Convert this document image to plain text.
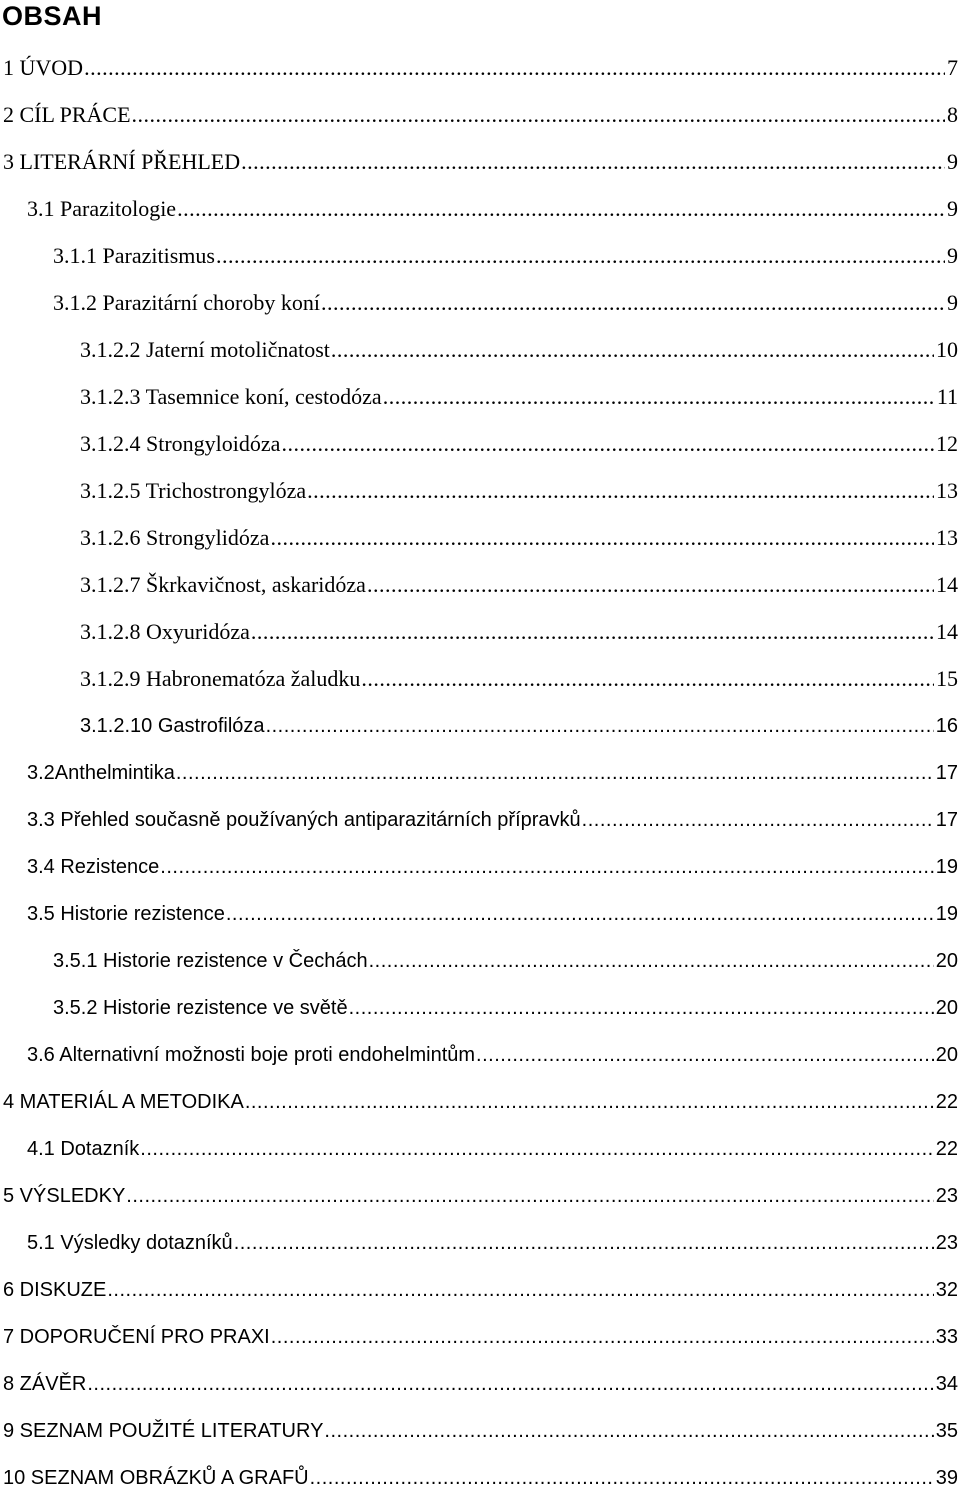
OBSAH
1 ÚVOD .....	7
2 CÍL PRÁCE .....	8
3 LITERÁRNÍ PŘEHLED .....	9
3.1 Parazitologie .....	9
3.1.1 Parazitismus .....	9
3.1.2 Parazitární choroby koní .....	9
3.1.2.2 Jaterní motoličnatost .....	10
3.1.2.3 Tasemnice koní, cestodóza .....	11
3.1.2.4 Strongyloidóza .....	12
3.1.2.5 Trichostrongylóza .....	13
3.1.2.6 Strongylidóza .....	13
3.1.2.7 Škrkavičnost, askaridóza .....	14
3.1.2.8 Oxyuridóza .....	14
3.1.2.9 Habronematóza žaludku .....	15
3.1.2.10 Gastrofilóza .....	16
3.2Anthelmintika .....	17
3.3 Přehled současně používaných antiparazitárních přípravků .....	17
3.4 Rezistence .....	19
3.5 Historie rezistence .....	19
3.5.1 Historie rezistence v Čechách .....	20
3.5.2 Historie rezistence ve světě .....	20
3.6 Alternativní možnosti boje proti endohelmintům .....	20
4 MATERIÁL A METODIKA .....	22
4.1 Dotazník .....	22
5 VÝSLEDKY .....	23
5.1 Výsledky dotazníků .....	23
6 DISKUZE .....	32
7 DOPORUČENÍ PRO PRAXI .....	33
8 ZÁVĚR .....	34
9 SEZNAM POUŽITÉ LITERATURY .....	35
10 SEZNAM OBRÁZKŮ A GRAFŮ .....	39
